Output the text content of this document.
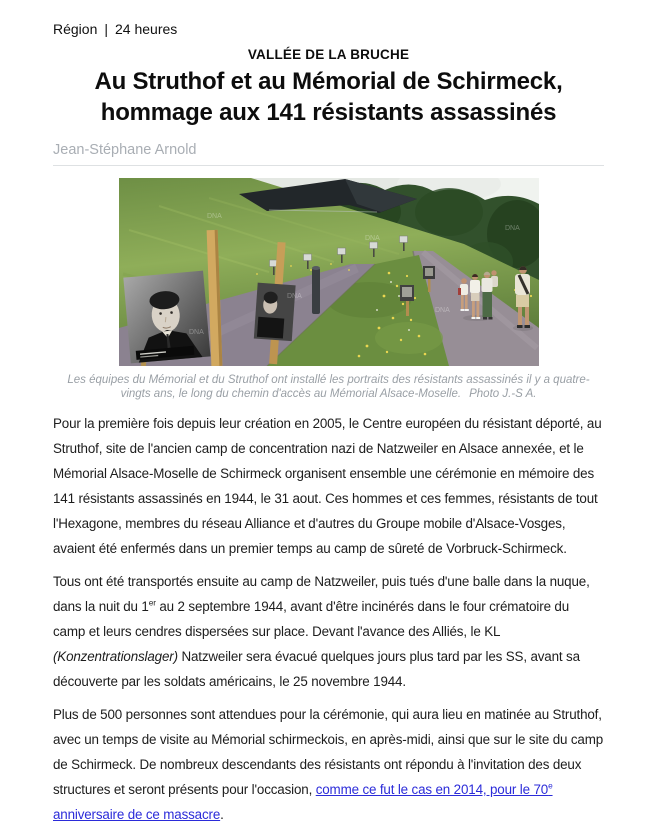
Région | 24 heures
VALLÉE DE LA BRUCHE
Au Struthof et au Mémorial de Schirmeck,
hommage aux 141 résistants assassinés
Jean-Stéphane Arnold
DNA
DNA
DNA
DNA
DNA
DNA
Les équipes du Mémorial et du Struthof ont installé les portraits des résistants assassinés il y a quatre-vingts ans, le long du chemin d'accès au Mémorial Alsace-Moselle. Photo J.-S A.

Pour la première fois depuis leur création en 2005, le Centre européen du résistant déporté, au Struthof, site de l'ancien camp de concentration nazi de Natzweiler en Alsace annexée, et le Mémorial Alsace-Moselle de Schirmeck organisent ensemble une cérémonie en mémoire des 141 résistants assassinés en 1944, le 31 aout. Ces hommes et ces femmes, résistants de tout l'Hexagone, membres du réseau Alliance et d'autres du Groupe mobile d'Alsace-Vosges, avaient été enfermés dans un premier temps au camp de sûreté de Vorbruck-Schirmeck.

Tous ont été transportés ensuite au camp de Natzweiler, puis tués d'une balle dans la nuque, dans la nuit du 1er au 2 septembre 1944, avant d'être incinérés dans le four crématoire du camp et leurs cendres dispersées sur place. Devant l'avance des Alliés, le KL (Konzentrationslager) Natzweiler sera évacué quelques jours plus tard par les SS, avant sa découverte par les soldats américains, le 25 novembre 1944.

Plus de 500 personnes sont attendues pour la cérémonie, qui aura lieu en matinée au Struthof, avec un temps de visite au Mémorial schirmeckois, en après-midi, ainsi que sur le site du camp de Schirmeck. De nombreux descendants des résistants ont répondu à l'invitation des deux structures et seront présents pour l'occasion, comme ce fut le cas en 2014, pour le 70e anniversaire de ce massacre.
